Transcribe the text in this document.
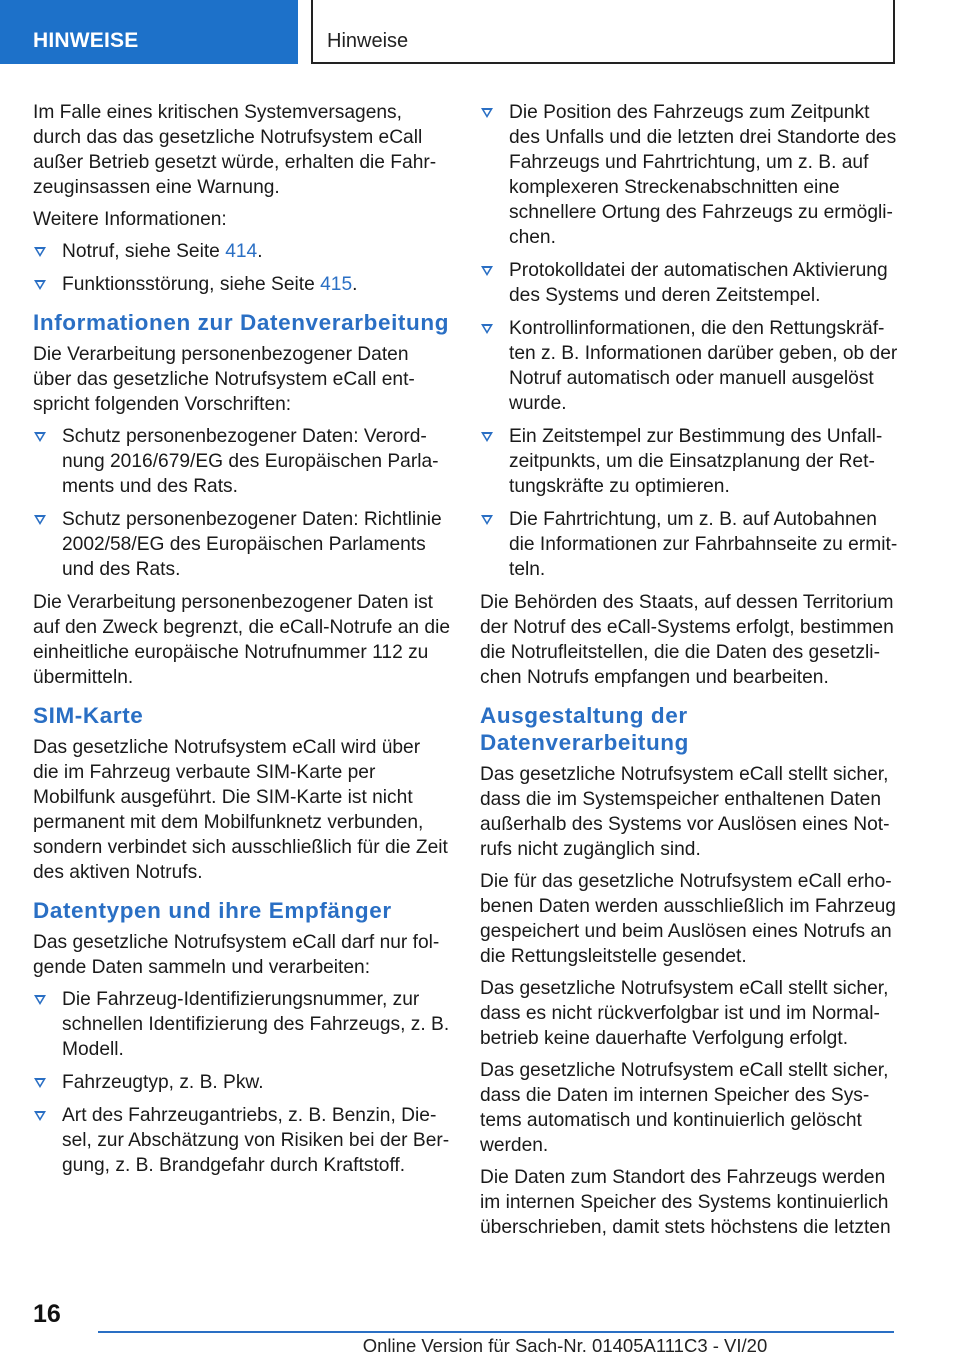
HINWEISE	Hinweise

Im Falle eines kritischen Systemversagens, durch das das gesetzliche Notrufsystem eCall außer Betrieb gesetzt würde, erhalten die Fahrzeuginsassen eine Warnung.

Weitere Informationen:

Notruf, siehe Seite 414.
Funktionsstörung, siehe Seite 415.
Informationen zur Datenverarbeitung

Die Verarbeitung personenbezogener Daten über das gesetzliche Notrufsystem eCall entspricht folgenden Vorschriften:

Schutz personenbezogener Daten: Verordnung 2016/679/EG des Europäischen Parlaments und des Rats.
Schutz personenbezogener Daten: Richtlinie 2002/58/EG des Europäischen Parlaments und des Rats.

Die Verarbeitung personenbezogener Daten ist auf den Zweck begrenzt, die eCall-Notrufe an die einheitliche europäische Notrufnummer 112 zu übermitteln.

SIM-Karte

Das gesetzliche Notrufsystem eCall wird über die im Fahrzeug verbaute SIM-Karte per Mobilfunk ausgeführt. Die SIM-Karte ist nicht permanent mit dem Mobilfunknetz verbunden, sondern verbindet sich ausschließlich für die Zeit des aktiven Notrufs.

Datentypen und ihre Empfänger

Das gesetzliche Notrufsystem eCall darf nur folgende Daten sammeln und verarbeiten:

Die Fahrzeug-Identifizierungsnummer, zur schnellen Identifizierung des Fahrzeugs, z. B. Modell.
Fahrzeugtyp, z. B. Pkw.
Art des Fahrzeugantriebs, z. B. Benzin, Diesel, zur Abschätzung von Risiken bei der Bergung, z. B. Brandgefahr durch Kraftstoff.
Die Position des Fahrzeugs zum Zeitpunkt des Unfalls und die letzten drei Standorte des Fahrzeugs und Fahrtrichtung, um z. B. auf komplexeren Streckenabschnitten eine schnellere Ortung des Fahrzeugs zu ermöglichen.
Protokolldatei der automatischen Aktivierung des Systems und deren Zeitstempel.
Kontrollinformationen, die den Rettungskräften z. B. Informationen darüber geben, ob der Notruf automatisch oder manuell ausgelöst wurde.
Ein Zeitstempel zur Bestimmung des Unfallzeitpunkts, um die Einsatzplanung der Rettungskräfte zu optimieren.
Die Fahrtrichtung, um z. B. auf Autobahnen die Informationen zur Fahrbahnseite zu ermitteln.

Die Behörden des Staats, auf dessen Territorium der Notruf des eCall-Systems erfolgt, bestimmen die Notrufleitstellen, die die Daten des gesetzlichen Notrufs empfangen und bearbeiten.

Ausgestaltung der Datenverarbeitung

Das gesetzliche Notrufsystem eCall stellt sicher, dass die im Systemspeicher enthaltenen Daten außerhalb des Systems vor Auslösen eines Notrufs nicht zugänglich sind.

Die für das gesetzliche Notrufsystem eCall erhobenen Daten werden ausschließlich im Fahrzeug gespeichert und beim Auslösen eines Notrufs an die Rettungsleitstelle gesendet.

Das gesetzliche Notrufsystem eCall stellt sicher, dass es nicht rückverfolgbar ist und im Normalbetrieb keine dauerhafte Verfolgung erfolgt.

Das gesetzliche Notrufsystem eCall stellt sicher, dass die Daten im internen Speicher des Systems automatisch und kontinuierlich gelöscht werden.

Die Daten zum Standort des Fahrzeugs werden im internen Speicher des Systems kontinuierlich überschrieben, damit stets höchstens die letzten

16
Online Version für Sach-Nr. 01405A111C3 - VI/20
